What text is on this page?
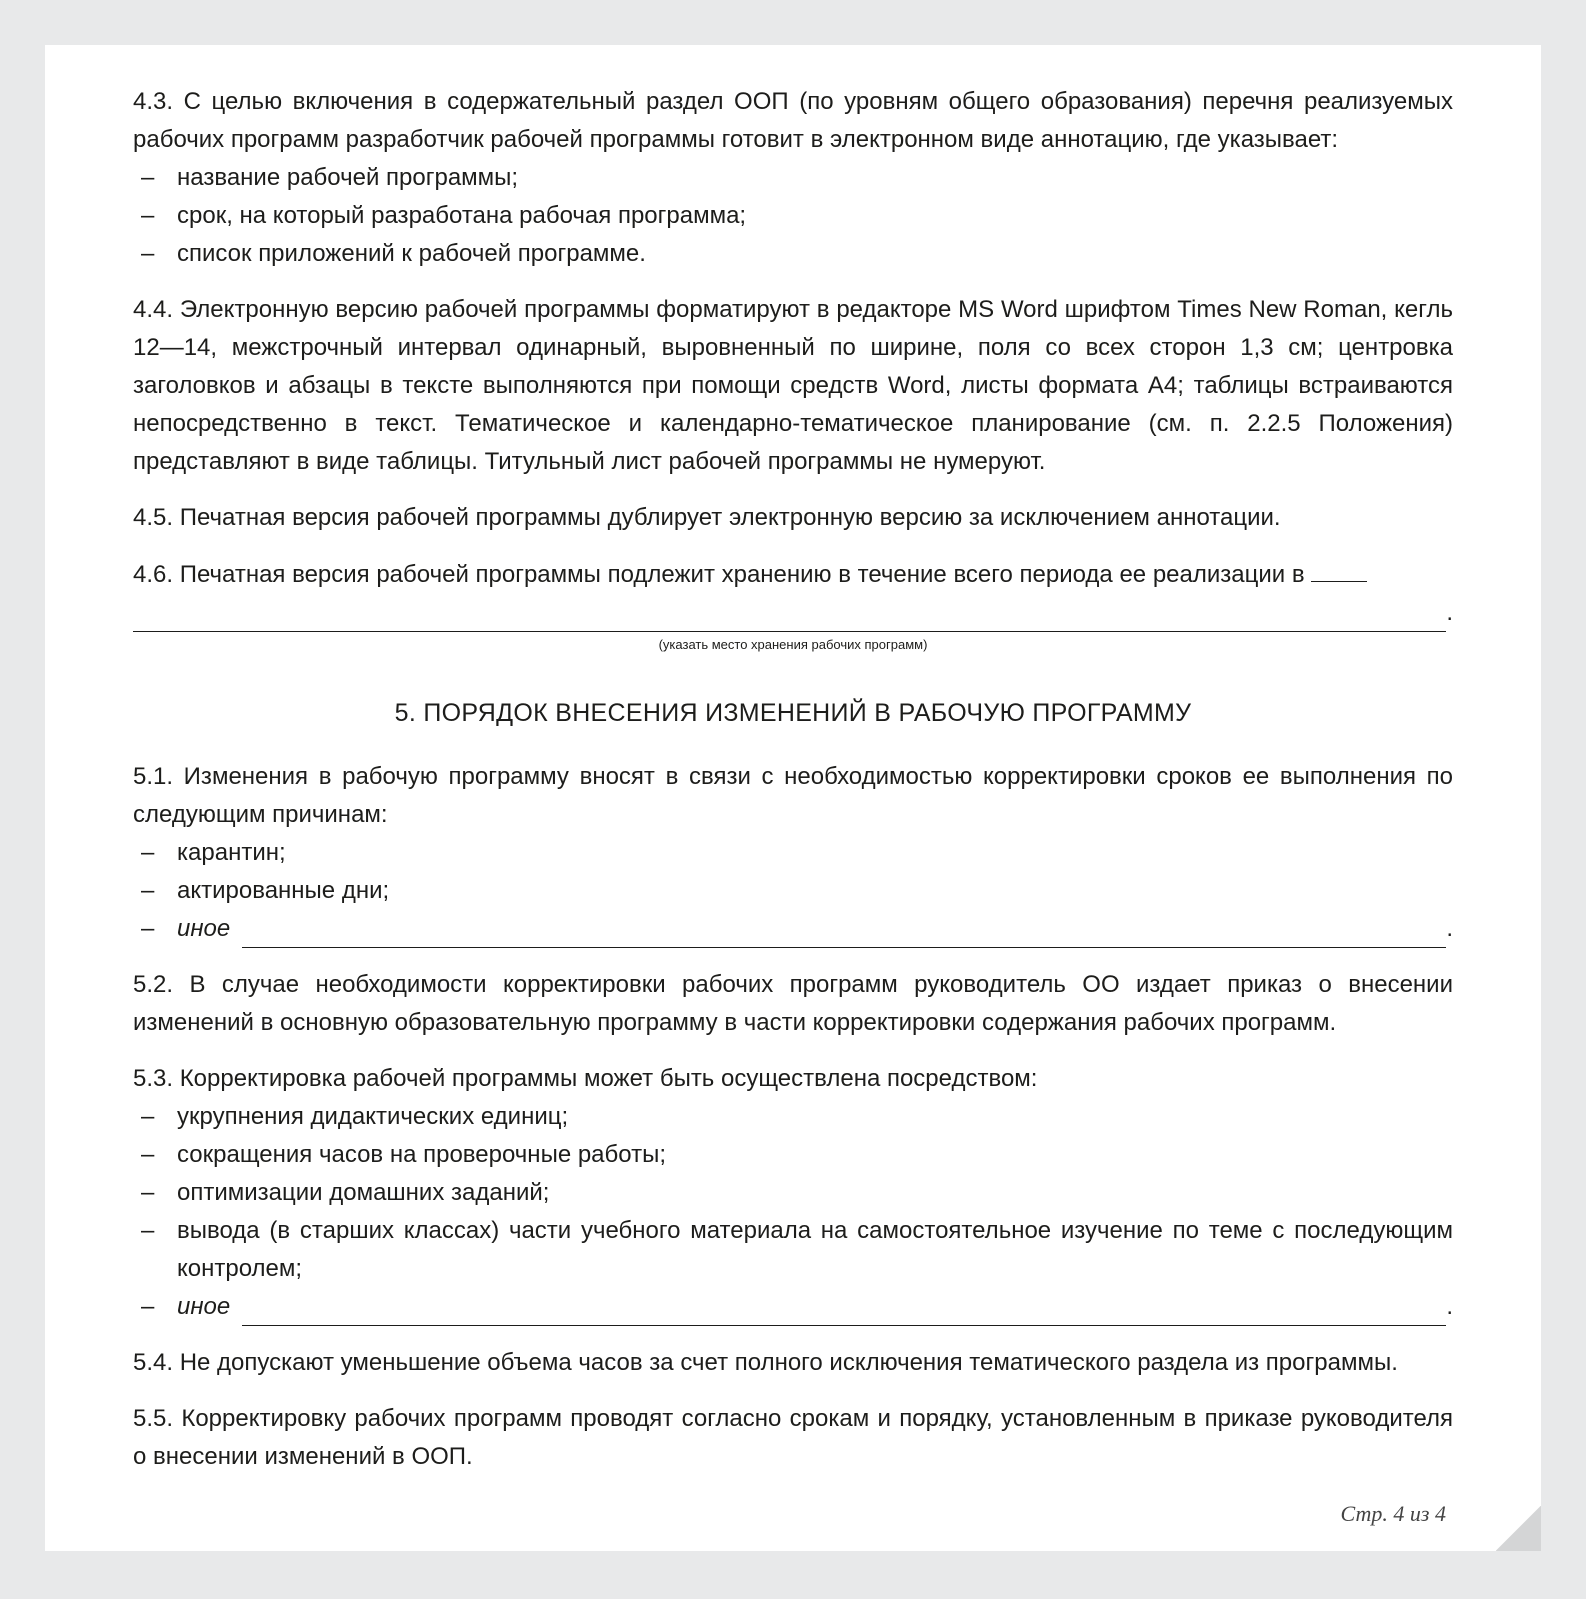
4.3. С целью включения в содержательный раздел ООП (по уровням общего образования) перечня реализуемых рабочих программ разработчик рабочей программы готовит в электронном виде аннотацию, где указывает:

– название рабочей программы;
– срок, на который разработана рабочая программа;
– список приложений к рабочей программе.

4.4. Электронную версию рабочей программы форматируют в редакторе MS Word шрифтом Times New Roman, кегль 12—14, межстрочный интервал одинарный, выровненный по ширине, поля со всех сторон 1,3 см; центровка заголовков и абзацы в тексте выполняются при помощи средств Word, листы формата А4; таблицы встраиваются непосредственно в текст. Тематическое и календарно-тематическое планирование (см. п. 2.2.5 Положения) представляют в виде таблицы. Титульный лист рабочей программы не нумеруют.

4.5. Печатная версия рабочей программы дублирует электронную версию за исключением аннотации.

4.6. Печатная версия рабочей программы подлежит хранению в течение всего периода ее реализации в

.
(указать место хранения рабочих программ)
5. ПОРЯДОК ВНЕСЕНИЯ ИЗМЕНЕНИЙ В РАБОЧУЮ ПРОГРАММУ

5.1. Изменения в рабочую программу вносят в связи с необходимостью корректировки сроков ее выполнения по следующим причинам:

– карантин;
– актированные дни;
– иное	.

5.2. В случае необходимости корректировки рабочих программ руководитель ОО издает приказ о внесении изменений в основную образовательную программу в части корректировки содержания рабочих программ.

5.3. Корректировка рабочей программы может быть осуществлена посредством:

– укрупнения дидактических единиц;
– сокращения часов на проверочные работы;
– оптимизации домашних заданий;
– вывода (в старших классах) части учебного материала на самостоятельное изучение по теме с последующим контролем;
– иное	.

5.4. Не допускают уменьшение объема часов за счет полного исключения тематического раздела из программы.

5.5. Корректировку рабочих программ проводят согласно срокам и порядку, установленным в приказе руководителя о внесении изменений в ООП.

Стр. 4 из 4
